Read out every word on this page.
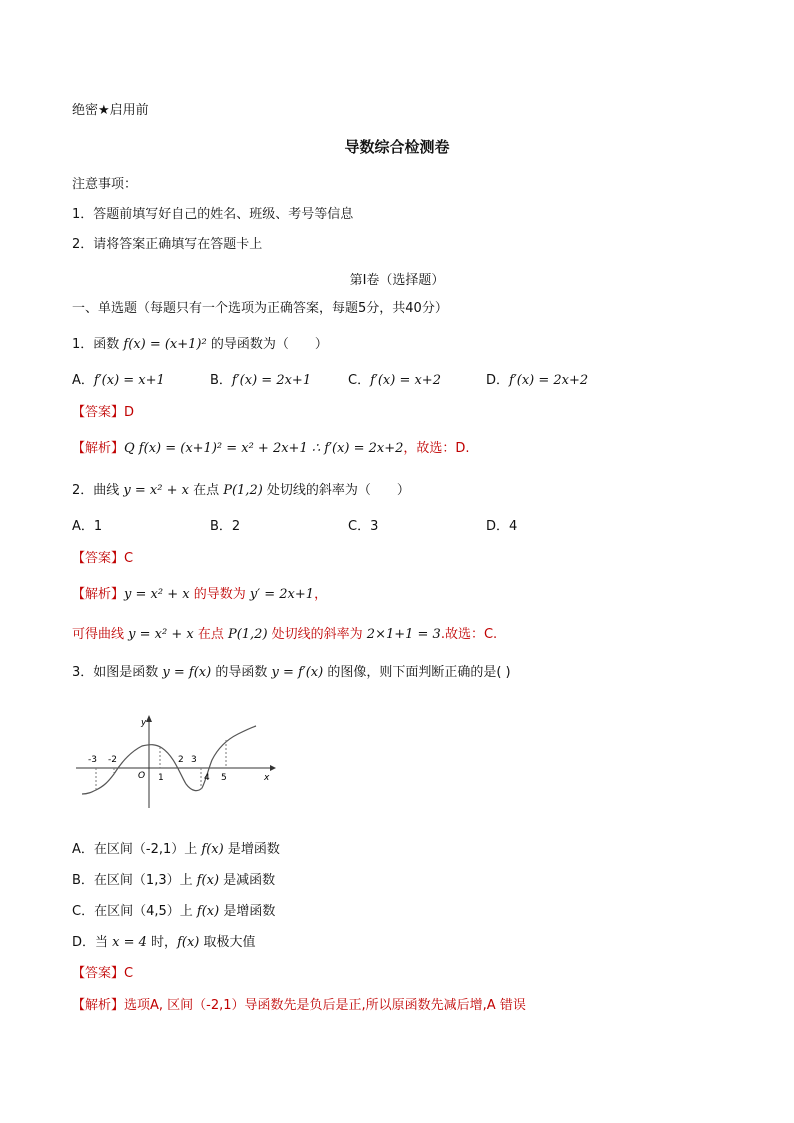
绝密★启用前
导数综合检测卷
注意事项：
1．答题前填写好自己的姓名、班级、考号等信息
2．请将答案正确填写在答题卡上
第I卷（选择题）
一、单选题（每题只有一个选项为正确答案，每题5分，共40分）
1．函数 f(x) = (x+1)² 的导函数为（　　）
A．f′(x) = x+1	B．f′(x) = 2x+1	C．f′(x) = x+2	D．f′(x) = 2x+2
【答案】D
【解析】Q f(x) = (x+1)² = x² + 2x+1 ∴ f′(x) = 2x+2，故选：D.
2．曲线 y = x² + x 在点 P(1,2) 处切线的斜率为（　　）
A．1	B．2	C．3	D．4
【答案】C
【解析】y = x² + x 的导数为 y′ = 2x+1，
可得曲线 y = x² + x 在点 P(1,2) 处切线的斜率为 2×1+1 = 3.故选：C.
3．如图是函数 y = f(x) 的导函数 y = f′(x) 的图像，则下面判断正确的是( )
y
x
O
-3 -2
1
2 3
4 5
A．在区间（-2,1）上 f(x) 是增函数
B．在区间（1,3）上 f(x) 是减函数
C．在区间（4,5）上 f(x) 是增函数
D．当 x = 4 时，f(x) 取极大值
【答案】C
【解析】选项A, 区间（-2,1）导函数先是负后是正,所以原函数先减后增,A 错误
